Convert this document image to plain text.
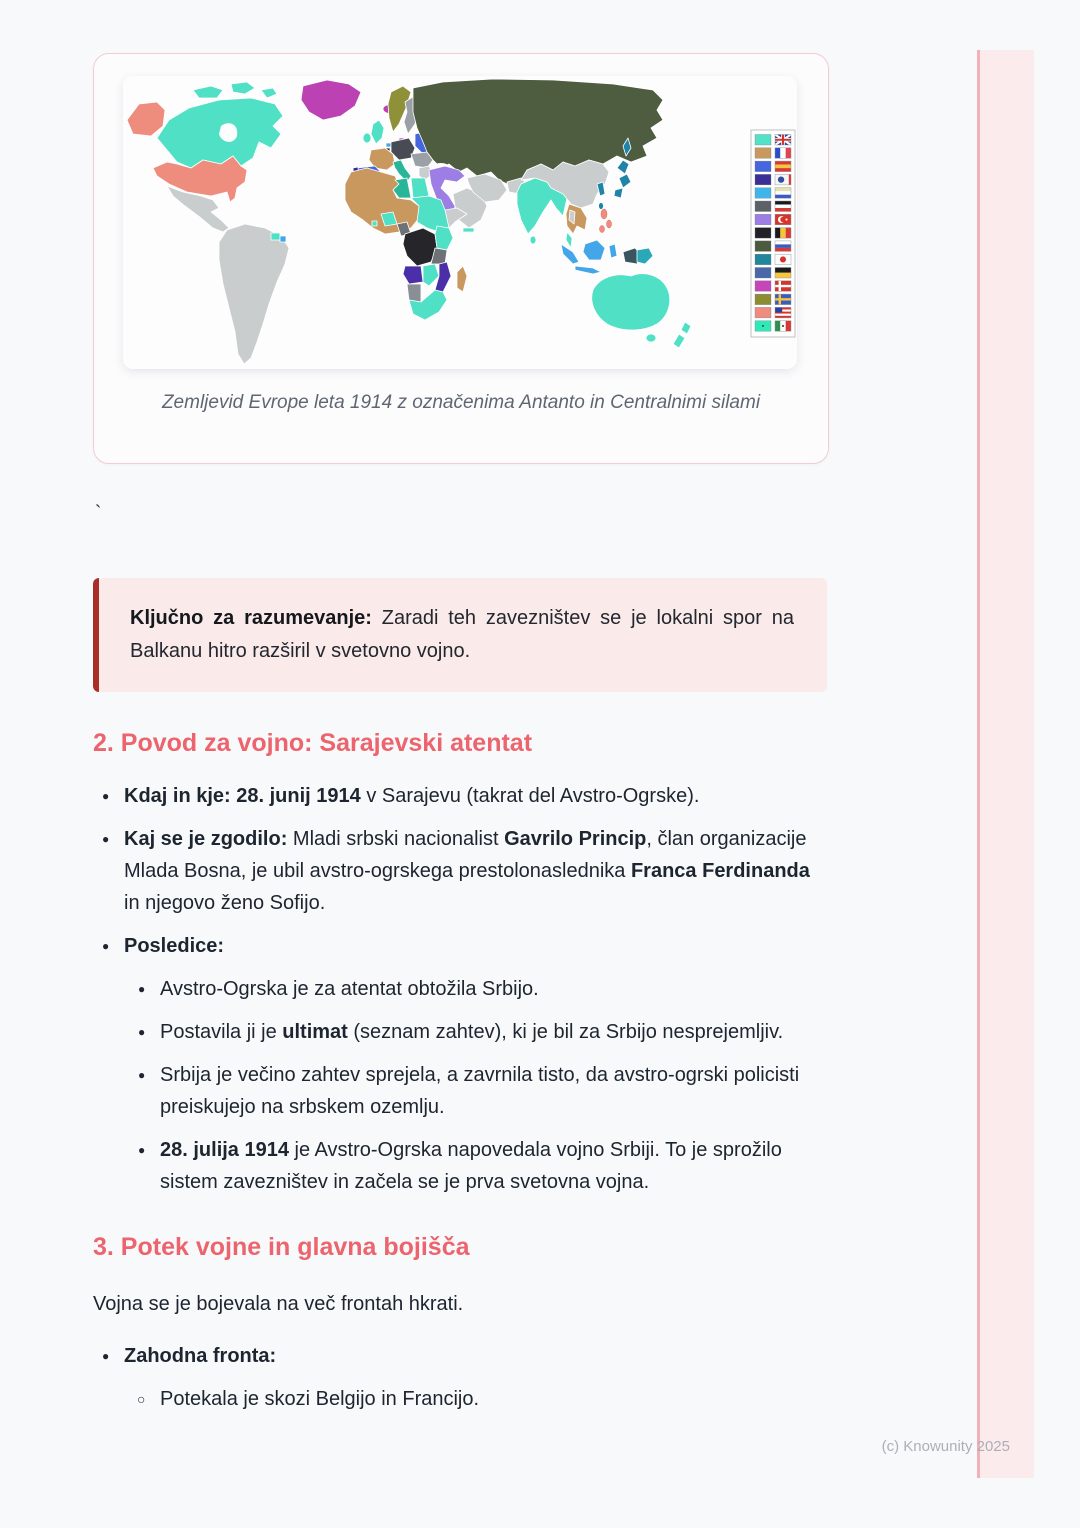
Zemljevid Evrope leta 1914 z označenima Antanto in Centralnimi silami
`
Ključno za razumevanje: Zaradi teh zavezništev se je lokalni spor na Balkanu hitro razširil v svetovno vojno.
2. Povod za vojno: Sarajevski atentat
● Kdaj in kje: 28. junij 1914 v Sarajevu (takrat del Avstro-Ogrske).
● Kaj se je zgodilo: Mladi srbski nacionalist Gavrilo Princip, član organizacije Mlada Bosna, je ubil avstro-ogrskega prestolonaslednika Franca Ferdinanda in njegovo ženo Sofijo.
● Posledice:
● Avstro-Ogrska je za atentat obtožila Srbijo.
● Postavila ji je ultimat (seznam zahtev), ki je bil za Srbijo nesprejemljiv.
● Srbija je večino zahtev sprejela, a zavrnila tisto, da avstro-ogrski policisti preiskujejo na srbskem ozemlju.
● 28. julija 1914 je Avstro-Ogrska napovedala vojno Srbiji. To je sprožilo sistem zavezništev in začela se je prva svetovna vojna.
3. Potek vojne in glavna bojišča
Vojna se je bojevala na več frontah hkrati.
● Zahodna fronta:
○ Potekala je skozi Belgijo in Francijo.
(c) Knowunity 2025
